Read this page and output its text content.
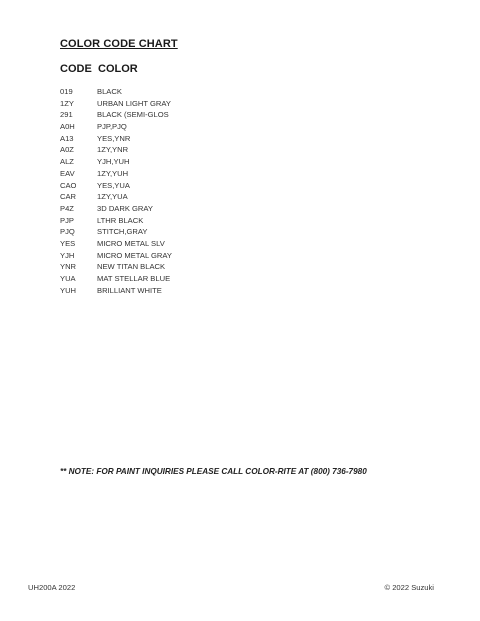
COLOR CODE CHART
CODE COLOR
019	BLACK
1ZY	URBAN LIGHT GRAY
291	BLACK (SEMI-GLOS
A0H	PJP,PJQ
A13	YES,YNR
A0Z	1ZY,YNR
ALZ	YJH,YUH
EAV	1ZY,YUH
CAO	YES,YUA
CAR	1ZY,YUA
P4Z	3D DARK GRAY
PJP	LTHR BLACK
PJQ	STITCH,GRAY
YES	MICRO METAL SLV
YJH	MICRO METAL GRAY
YNR	NEW TITAN BLACK
YUA	MAT STELLAR BLUE
YUH	BRILLIANT WHITE
** NOTE: FOR PAINT INQUIRIES PLEASE CALL COLOR-RITE AT (800) 736-7980
UH200A 2022	© 2022 Suzuki
